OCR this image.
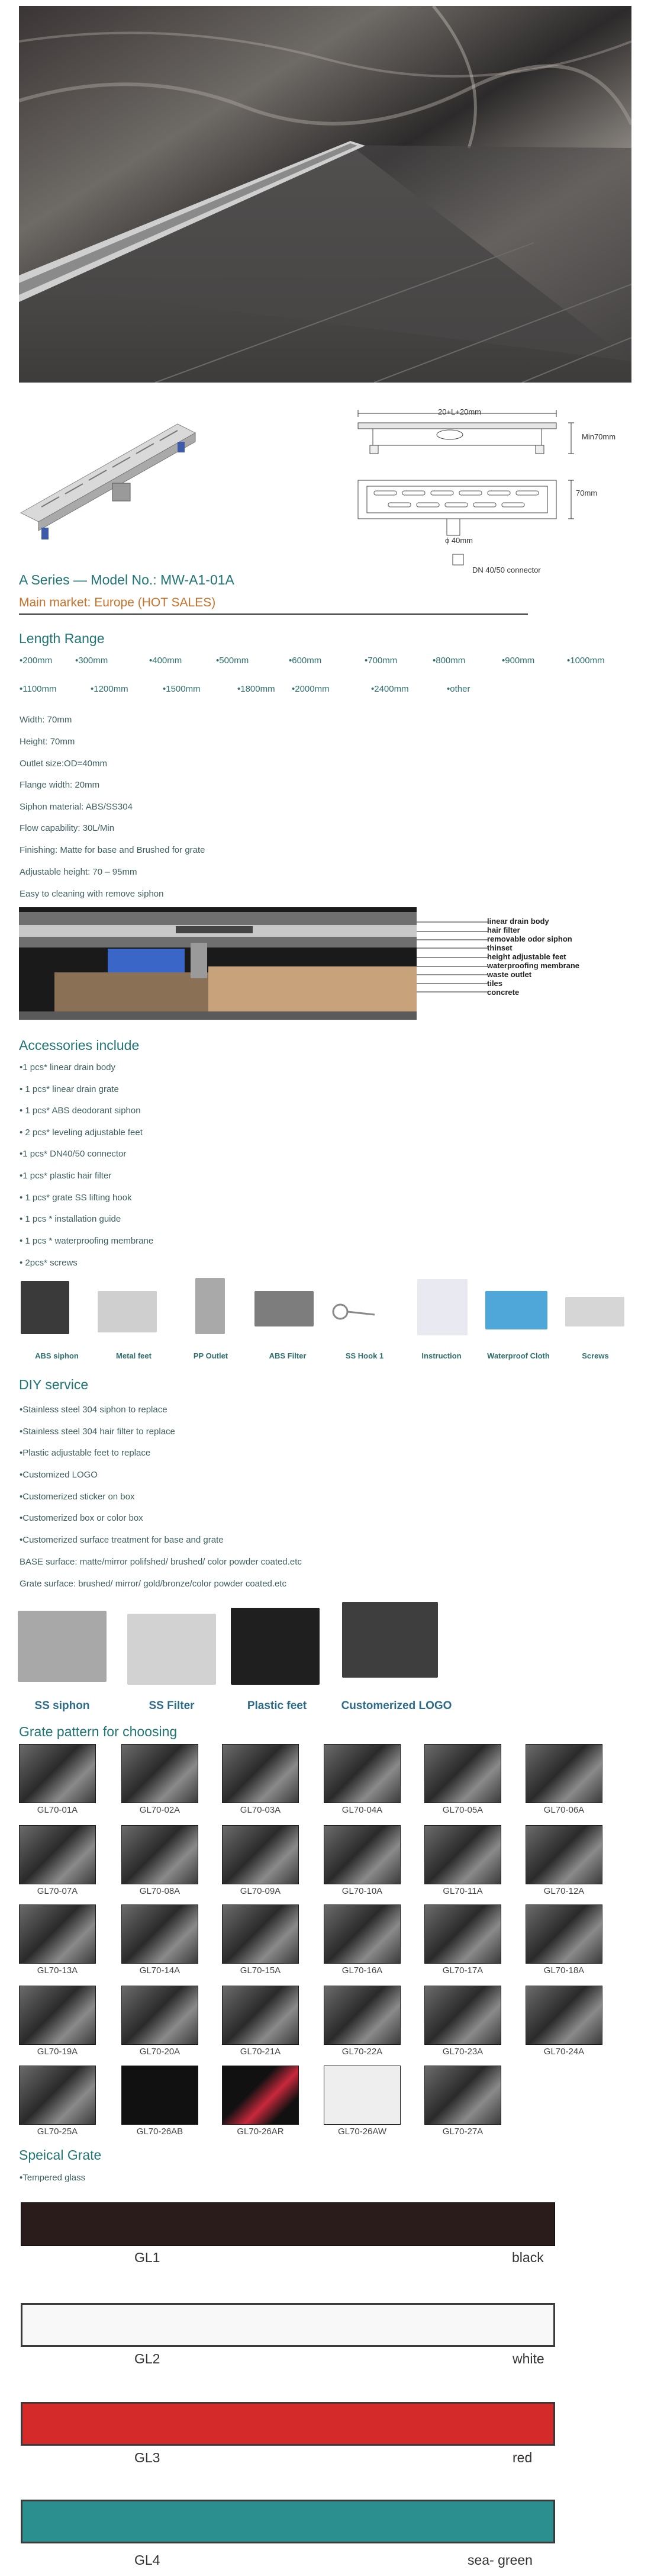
20+L+20mm
Min70mm
70mm
ϕ 40mm
DN 40/50 connector
A Series — Model No.: MW-A1-01A
Main market: Europe (HOT SALES)
Length Range
•200mm	•300mm	•400mm	•500mm	•600mm	•700mm	•800mm	•900mm	•1000mm
•1100mm	•1200mm	•1500mm	•1800mm •2000mm	•2400mm	•other
Width: 70mm
Height: 70mm
Outlet size:OD=40mm
Flange width: 20mm
Siphon material: ABS/SS304
Flow capability: 30L/Min
Finishing: Matte for base and Brushed for grate
Adjustable height: 70 – 95mm
Easy to cleaning with remove siphon
linear drain body
hair filter
removable odor siphon
thinset
height adjustable feet
waterproofing membrane
waste outlet
tiles
concrete
Accessories include
•1 pcs* linear drain body
• 1 pcs* linear drain grate
• 1 pcs* ABS deodorant siphon
• 2 pcs* leveling adjustable feet
•1 pcs* DN40/50 connector
•1 pcs* plastic hair filter
• 1 pcs* grate SS lifting hook
• 1 pcs * installation guide
• 1 pcs * waterproofing membrane
• 2pcs* screws
ABS siphon	Metal feet	PP Outlet	ABS Filter	SS Hook 1	Instruction	Waterproof Cloth	Screws
DIY service
•Stainless steel 304 siphon to replace
•Stainless steel 304 hair filter to replace
•Plastic adjustable feet to replace
•Customized LOGO
•Customerized sticker on box
•Customerized box or color box
•Customerized surface treatment for base and grate
BASE surface: matte/mirror polifshed/ brushed/ color powder coated.etc
Grate surface: brushed/ mirror/ gold/bronze/color powder coated.etc
SS siphon	SS Filter	Plastic feet	Customerized LOGO
Grate pattern for choosing
GL70-01A	GL70-02A	GL70-03A	GL70-04A	GL70-05A	GL70-06A
GL70-07A	GL70-08A	GL70-09A	GL70-10A	GL70-11A	GL70-12A
GL70-13A	GL70-14A	GL70-15A	GL70-16A	GL70-17A	GL70-18A
GL70-19A	GL70-20A	GL70-21A	GL70-22A	GL70-23A	GL70-24A
GL70-25A	GL70-26AB	GL70-26AR	GL70-26AW	GL70-27A
Speical Grate
•Tempered glass
GL1	black
GL2	white
GL3	red
GL4	sea- green
